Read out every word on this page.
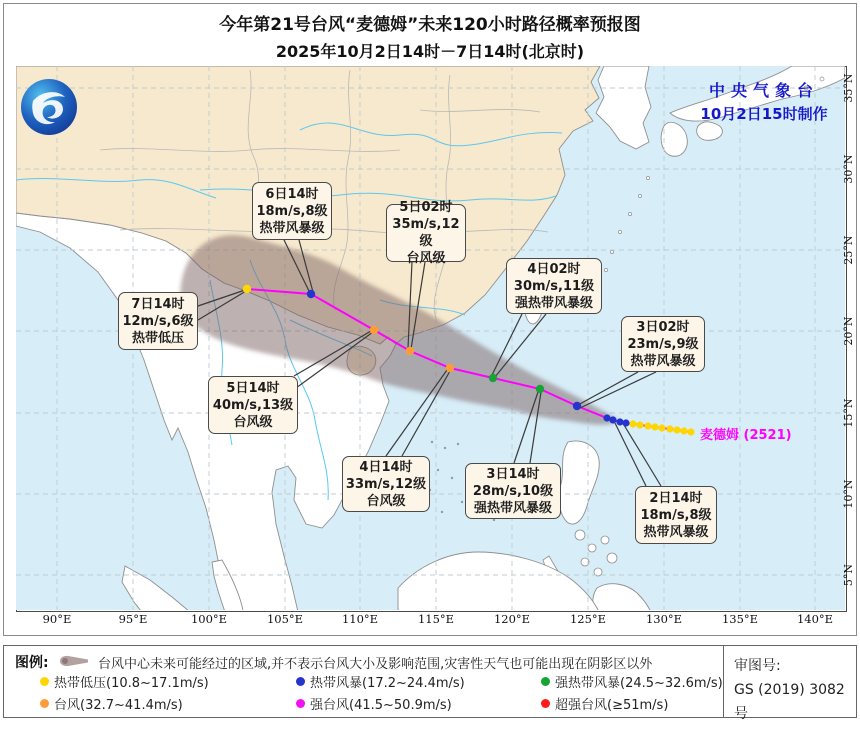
今年第21号台风“麦德姆”未来120小时路径概率预报图
2025年10月2日14时－7日14时(北京时)
中央气象台
10月2日15时制作
麦德姆 (2521)
图例:	台风中心未来可能经过的区域,并不表示台风大小及影响范围,灾害性天气也可能出现在阴影区以外	审图号:
GS (2019) 3082号
热带低压(10.8~17.1m/s)	热带风暴(17.2~24.4m/s)	强热带风暴(24.5~32.6m/s)
台风(32.7~41.4m/s)	强台风(41.5~50.9m/s)	超强台风(≥51m/s)
2日14时
18m/s,8级
热带风暴级
3日02时
23m/s,9级
热带风暴级
3日14时
28m/s,10级
强热带风暴级
4日02时
30m/s,11级
强热带风暴级
4日14时
33m/s,12级
台风级
5日02时
35m/s,12级
台风级
5日14时
40m/s,13级
台风级
6日14时
18m/s,8级
热带风暴级
7日14时
12m/s,6级
热带低压
90°E	95°E	100°E	105°E	110°E	115°E	120°E	125°E	130°E	135°E	140°E
35°N
30°N
25°N
20°N
15°N
10°N
5°N
